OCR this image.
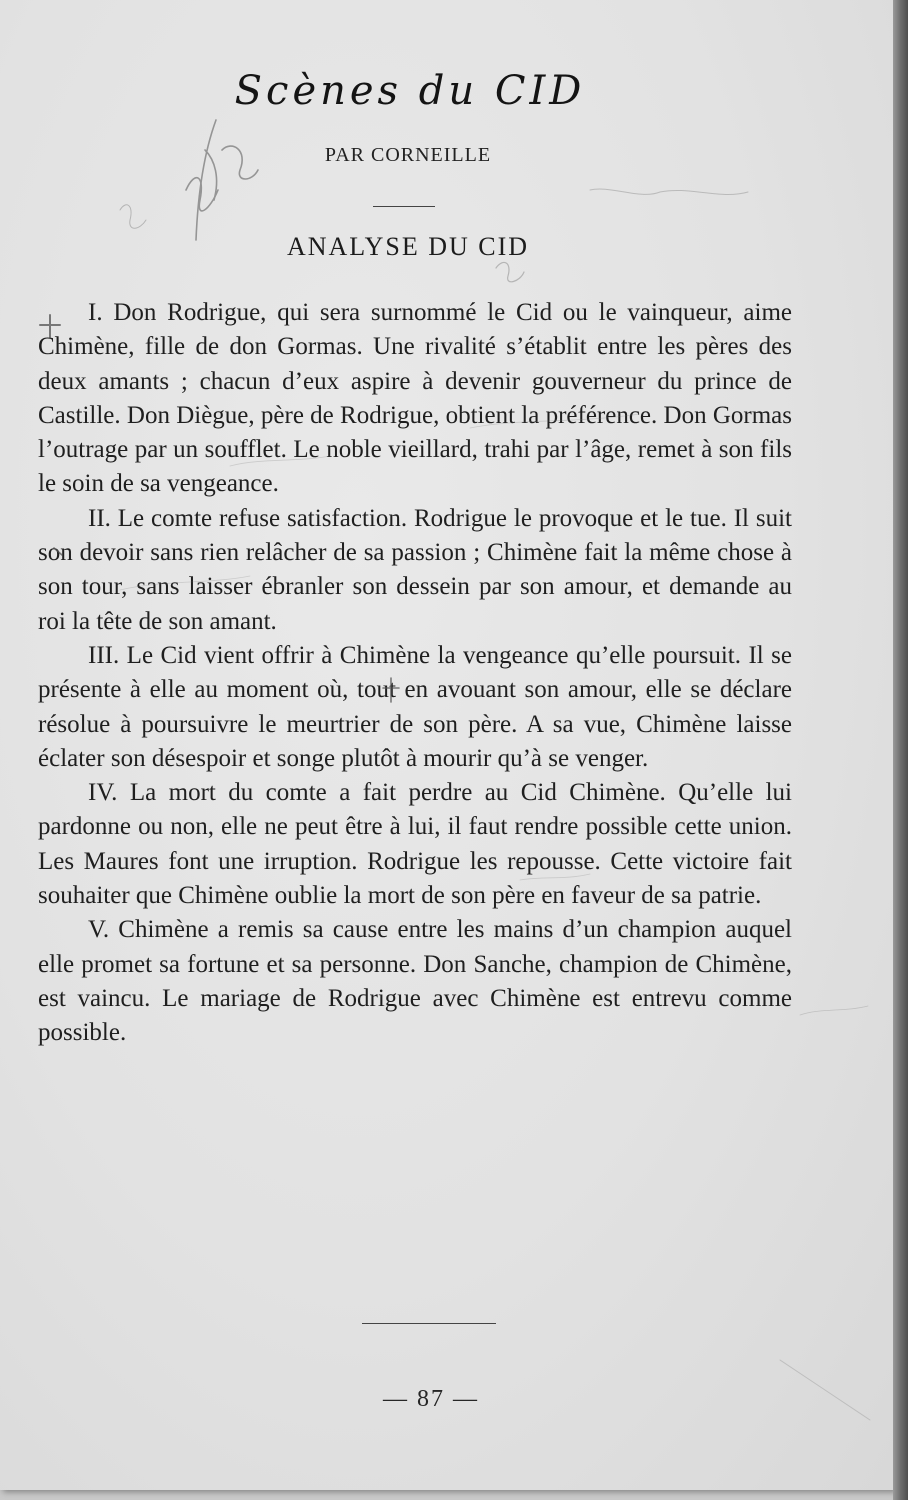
Scènes du CID
PAR CORNEILLE
ANALYSE DU CID

I. Don Rodrigue, qui sera surnommé le Cid ou le vainqueur, aime Chimène, fille de don Gormas. Une rivalité s’établit entre les pères des deux amants ; chacun d’eux aspire à devenir gouverneur du prince de Castille. Don Diègue, père de Rodrigue, obtient la préférence. Don Gormas l’outrage par un soufflet. Le noble vieillard, trahi par l’âge, remet à son fils le soin de sa vengeance.

II. Le comte refuse satisfaction. Rodrigue le provoque et le tue. Il suit son devoir sans rien relâcher de sa passion ; Chimène fait la même chose à son tour, sans laisser ébranler son dessein par son amour, et demande au roi la tête de son amant.

III. Le Cid vient offrir à Chimène la vengeance qu’elle poursuit. Il se présente à elle au moment où, tout en avouant son amour, elle se déclare résolue à poursuivre le meurtrier de son père. A sa vue, Chimène laisse éclater son désespoir et songe plutôt à mourir qu’à se venger.

IV. La mort du comte a fait perdre au Cid Chimène. Qu’elle lui pardonne ou non, elle ne peut être à lui, il faut rendre possible cette union. Les Maures font une irruption. Rodrigue les repousse. Cette victoire fait souhaiter que Chimène oublie la mort de son père en faveur de sa patrie.

V. Chimène a remis sa cause entre les mains d’un champion auquel elle promet sa fortune et sa personne. Don Sanche, champion de Chimène, est vaincu. Le mariage de Rodrigue avec Chimène est entrevu comme possible.

— 87 —
